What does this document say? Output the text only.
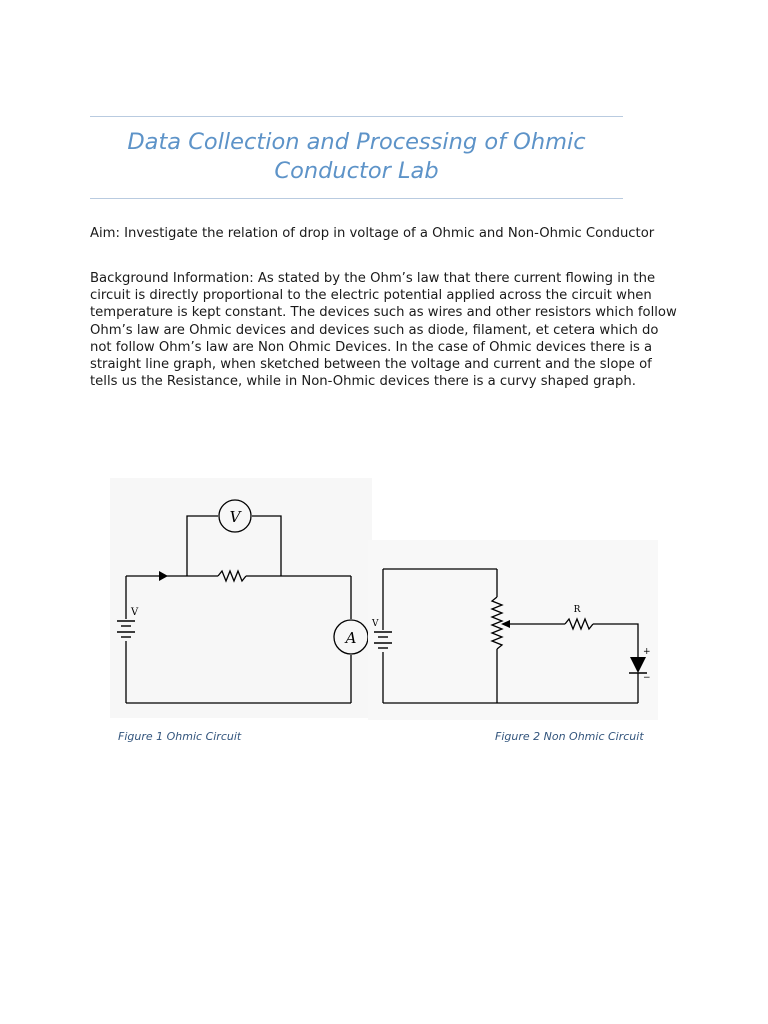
Data Collection and Processing of Ohmic Conductor Lab

Aim: Investigate the relation of drop in voltage of a Ohmic and Non-Ohmic Conductor

Background Information: As stated by the Ohm’s law that there current flowing in the circuit is directly proportional to the electric potential applied across the circuit when temperature is kept constant. The devices such as wires and other resistors which follow Ohm’s law are Ohmic devices and devices such as diode, filament, et cetera which do not follow Ohm’s law are Non Ohmic Devices. In the case of Ohmic devices there is a straight line graph, when sketched between the voltage and current and the slope of tells us the Resistance, while in Non-Ohmic devices there is a curvy shaped graph.

V
A
V
V
R
+
−
Figure 1 Ohmic Circuit	Figure 2 Non Ohmic Circuit
